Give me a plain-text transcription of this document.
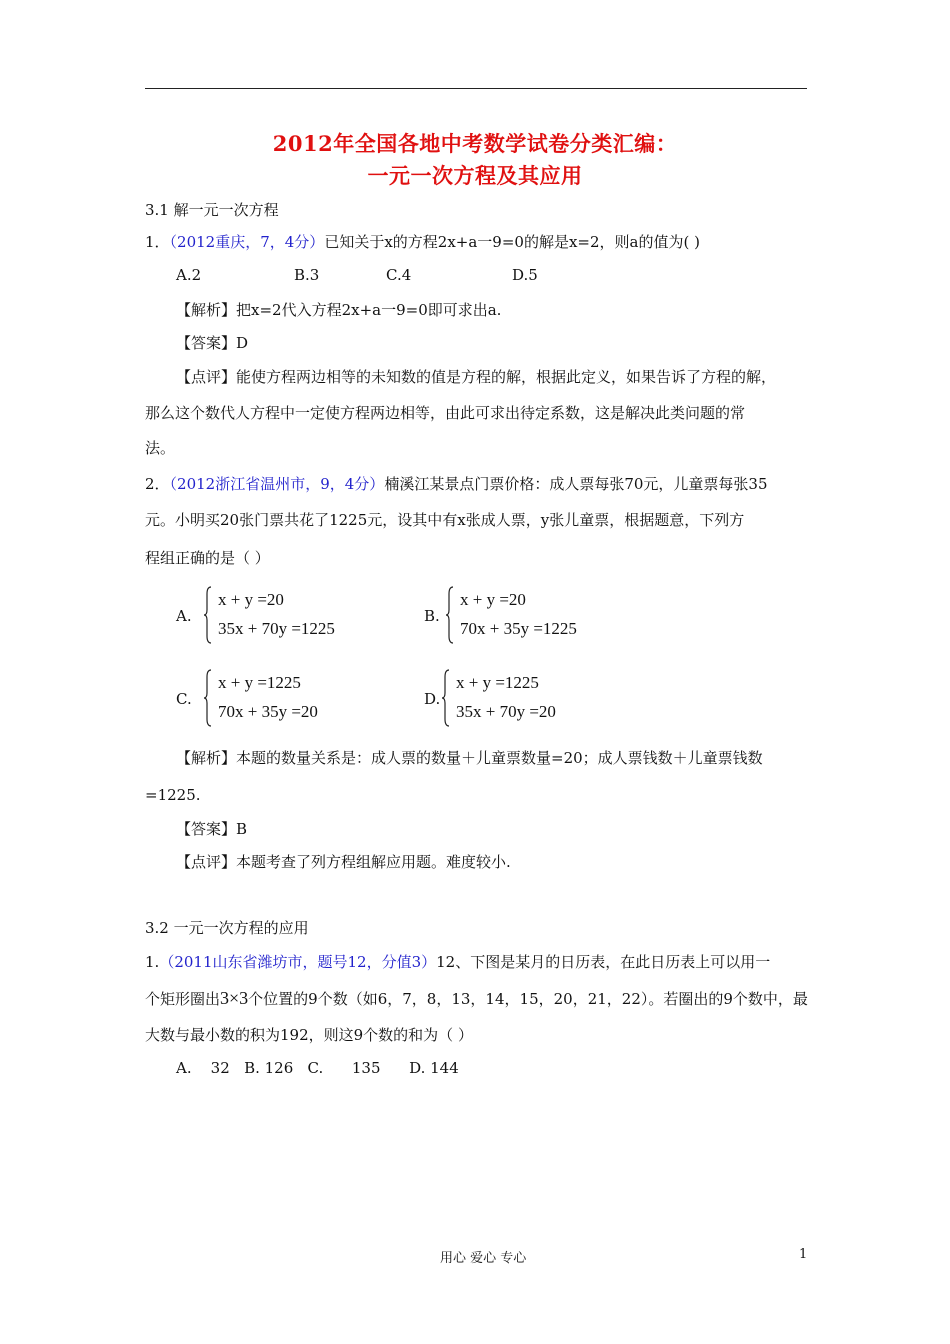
2012年全国各地中考数学试卷分类汇编：
一元一次方程及其应用
3.1 解一元一次方程
1．（2012重庆，7，4分）已知关于x的方程2x+a一9=0的解是x=2，则a的值为( )
A.2	B.3	C.4	D.5
【解析】把x=2代入方程2x+a一9=0即可求出a.
【答案】D
【点评】能使方程两边相等的未知数的值是方程的解，根据此定义，如果告诉了方程的解，
那么这个数代人方程中一定使方程两边相等，由此可求出待定系数，这是解决此类问题的常
法。
2．（2012浙江省温州市，9，4分）楠溪江某景点门票价格：成人票每张70元，儿童票每张35
元。小明买20张门票共花了1225元，设其中有x张成人票，y张儿童票，根据题意，下列方
程组正确的是（ ）
A.
x + y =20
35x + 70y =1225
B.
x + y =20
70x + 35y =1225
C.
x + y =1225
70x + 35y =20
D.
x + y =1225
35x + 70y =20
【解析】本题的数量关系是：成人票的数量＋儿童票数量=20；成人票钱数＋儿童票钱数
=1225.
【答案】B
【点评】本题考查了列方程组解应用题。难度较小.
3.2 一元一次方程的应用
1.（2011山东省潍坊市，题号12，分值3）12、下图是某月的日历表，在此日历表上可以用一
个矩形圈出3×3个位置的9个数（如6，7，8，13，14，15，20，21，22）。若圈出的9个数中，最
大数与最小数的积为192，则这9个数的和为（ ）
A.    32   B. 126   C.      135      D. 144
用心 爱心 专心	1
